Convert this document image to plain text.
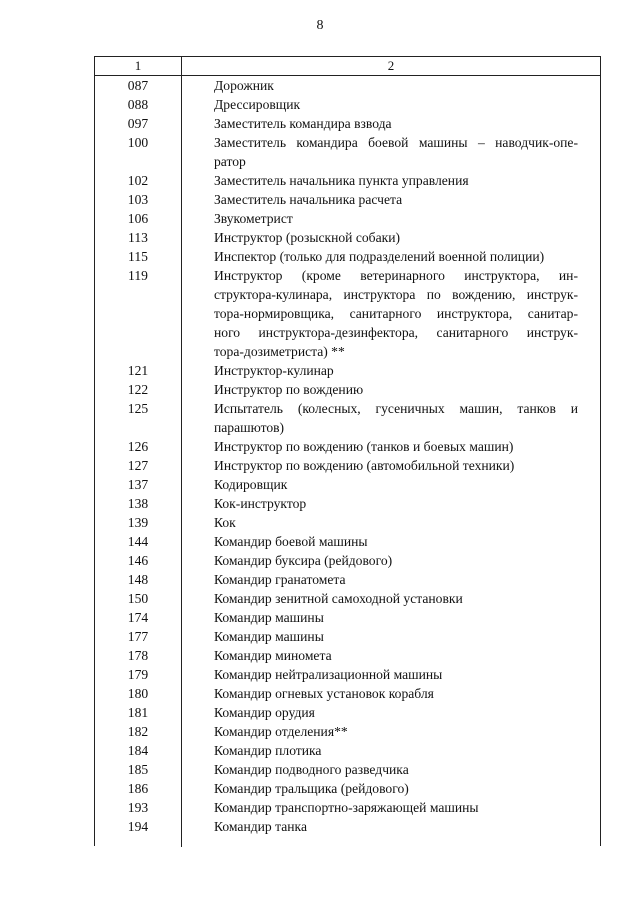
8
1	2
087	Дорожник
088	Дрессировщик
097	Заместитель командира взвода
100	Заместитель командира боевой машины – наводчик-опе-
ратор
102	Заместитель начальника пункта управления
103	Заместитель начальника расчета
106	Звукометрист
113	Инструктор (розыскной собаки)
115	Инспектор (только для подразделений военной полиции)
119	Инструктор (кроме ветеринарного инструктора, ин-
структора-кулинара, инструктора по вождению, инструк-
тора-нормировщика, санитарного инструктора, санитар-
ного инструктора-дезинфектора, санитарного инструк-
тора-дозиметриста) **
121	Инструктор-кулинар
122	Инструктор по вождению
125	Испытатель (колесных, гусеничных машин, танков и
парашютов)
126	Инструктор по вождению (танков и боевых машин)
127	Инструктор по вождению (автомобильной техники)
137	Кодировщик
138	Кок-инструктор
139	Кок
144	Командир боевой машины
146	Командир буксира (рейдового)
148	Командир гранатомета
150	Командир зенитной самоходной установки
174	Командир машины
177	Командир машины
178	Командир миномета
179	Командир нейтрализационной машины
180	Командир огневых установок корабля
181	Командир орудия
182	Командир отделения**
184	Командир плотика
185	Командир подводного разведчика
186	Командир тральщика (рейдового)
193	Командир транспортно-заряжающей машины
194	Командир танка
